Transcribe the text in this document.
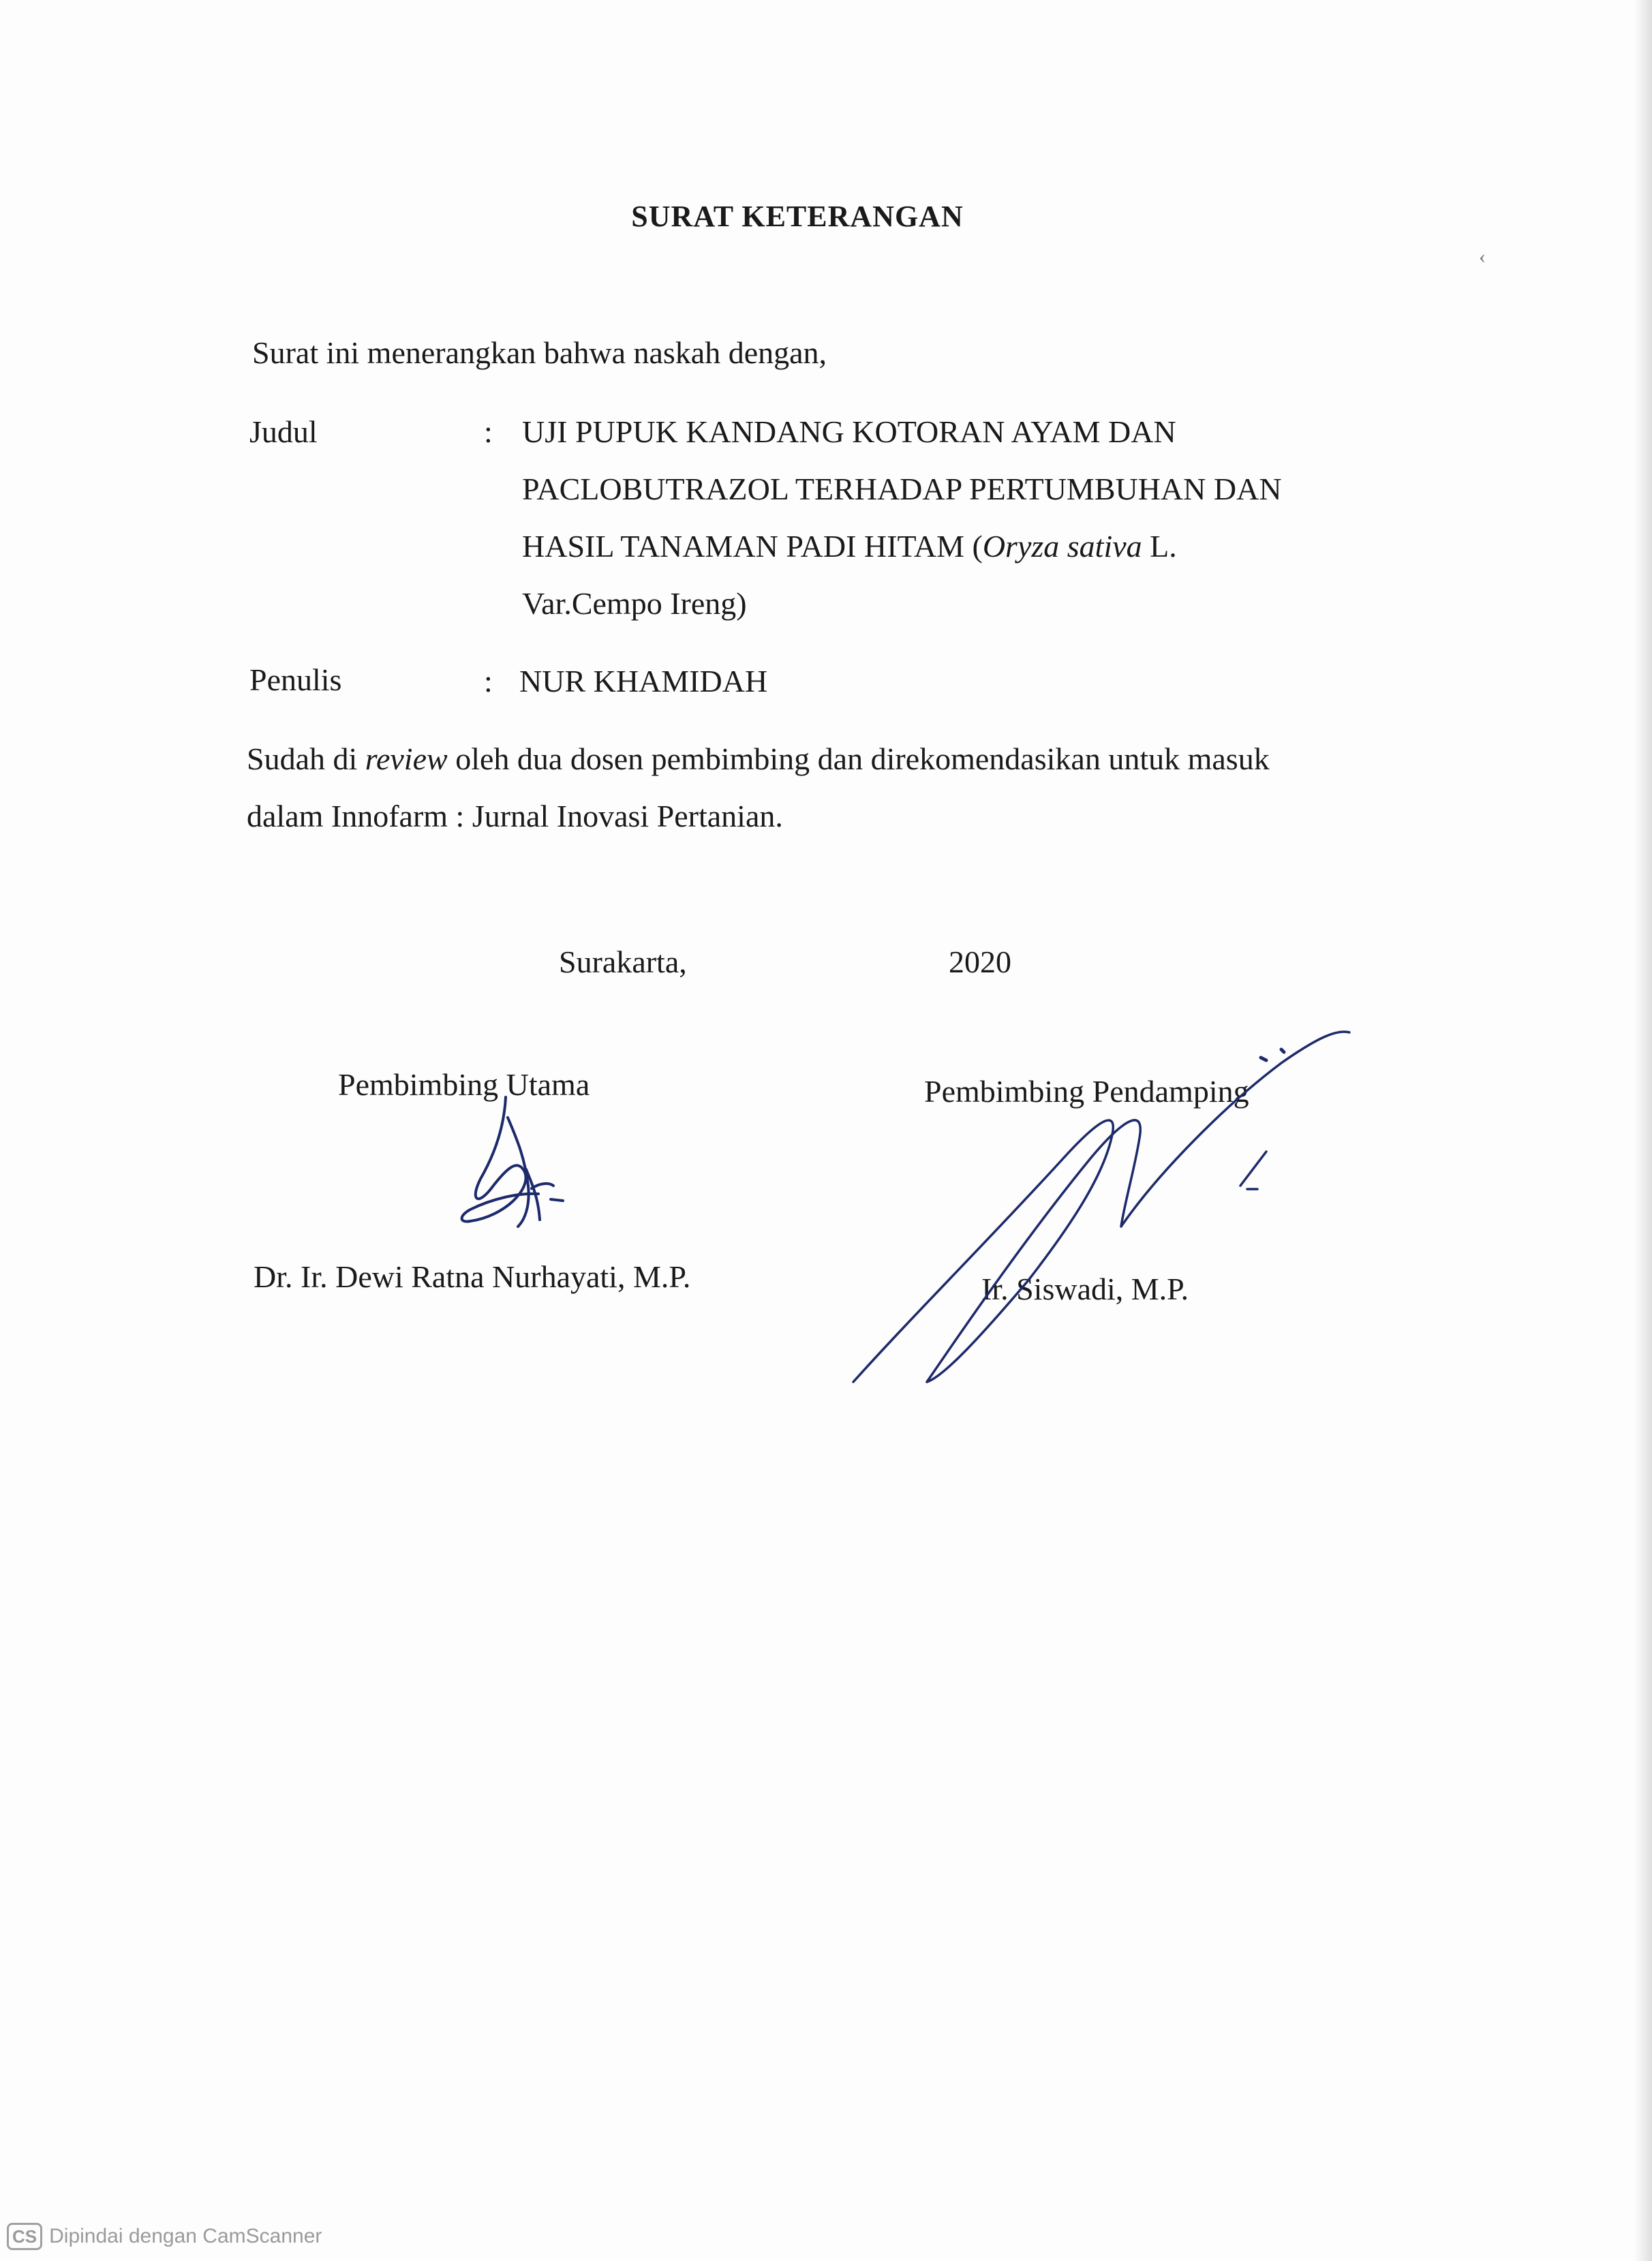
SURAT KETERANGAN
Surat ini menerangkan bahwa naskah dengan,
Judul	: UJI PUPUK KANDANG KOTORAN AYAM DAN
PACLOBUTRAZOL TERHADAP PERTUMBUHAN DAN
HASIL TANAMAN PADI HITAM (Oryza sativa L.
Var.Cempo Ireng)
Penulis	: NUR KHAMIDAH
Sudah di review oleh dua dosen pembimbing dan direkomendasikan untuk masuk
dalam Innofarm : Jurnal Inovasi Pertanian.
Surakarta,	2020
Pembimbing Utama	Pembimbing Pendamping
Dr. Ir. Dewi Ratna Nurhayati, M.P.	Ir. Siswadi, M.P.
‹
CS Dipindai dengan CamScanner
